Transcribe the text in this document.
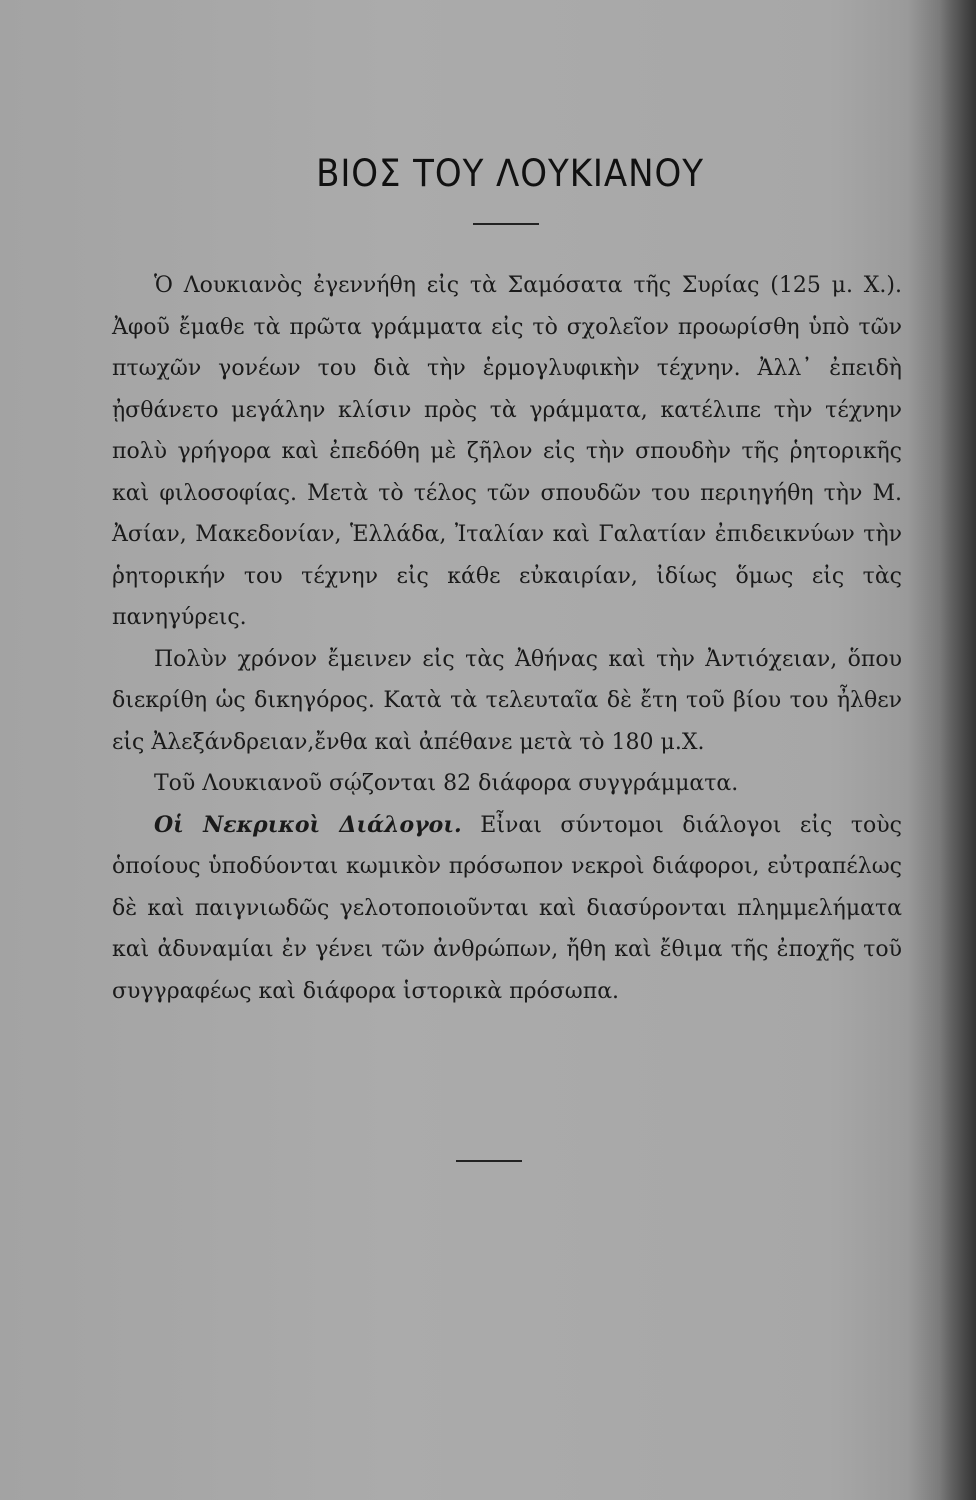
ΒΙΟΣ ΤΟΥ ΛΟΥΚΙΑΝΟΥ

Ὁ Λουκιανὸς ἐγεννήθη εἰς τὰ Σαμόσατα τῆς Συρίας (125 μ. Χ.). Ἀφοῦ ἔμαθε τὰ πρῶτα γράμματα εἰς τὸ σχολεῖον προωρίσθη ὑπὸ τῶν πτωχῶν γονέων του διὰ τὴν ἑρμογλυφικὴν τέχνην. Ἀλλ᾿ ἐπειδὴ ᾐσθάνετο μεγάλην κλίσιν πρὸς τὰ γράμματα, κατέλιπε τὴν τέχνην πολὺ γρήγορα καὶ ἐπεδόθη μὲ ζῆλον εἰς τὴν σπουδὴν τῆς ῥητορικῆς καὶ φιλοσοφίας. Μετὰ τὸ τέλος τῶν σπουδῶν του περιηγήθη τὴν Μ. Ἀσίαν, Μακεδονίαν, Ἑλλάδα, Ἰταλίαν καὶ Γαλατίαν ἐπιδεικνύων τὴν ῥητορικήν του τέχνην εἰς κάθε εὐκαιρίαν, ἰδίως ὅμως εἰς τὰς πανηγύρεις.

Πολὺν χρόνον ἔμεινεν εἰς τὰς Ἀθήνας καὶ τὴν Ἀντιόχειαν, ὅπου διεκρίθη ὡς δικηγόρος. Κατὰ τὰ τελευταῖα δὲ ἔτη τοῦ βίου του ἦλθεν εἰς Ἀλεξάνδρειαν,ἔνθα καὶ ἀπέθανε μετὰ τὸ 180 μ.Χ.

Τοῦ Λουκιανοῦ σῴζονται 82 διάφορα συγγράμματα.

Οἱ Νεκρικοὶ Διάλογοι. Εἶναι σύντομοι διάλογοι εἰς τοὺς ὁποίους ὑποδύονται κωμικὸν πρόσωπον νεκροὶ διάφοροι, εὐτραπέλως δὲ καὶ παιγνιωδῶς γελοτοποιοῦνται καὶ διασύρονται πλημμελήματα καὶ ἀδυναμίαι ἐν γένει τῶν ἀνθρώπων, ἤθη καὶ ἔθιμα τῆς ἐποχῆς τοῦ συγγραφέως καὶ διάφορα ἱστορικὰ πρόσωπα.
